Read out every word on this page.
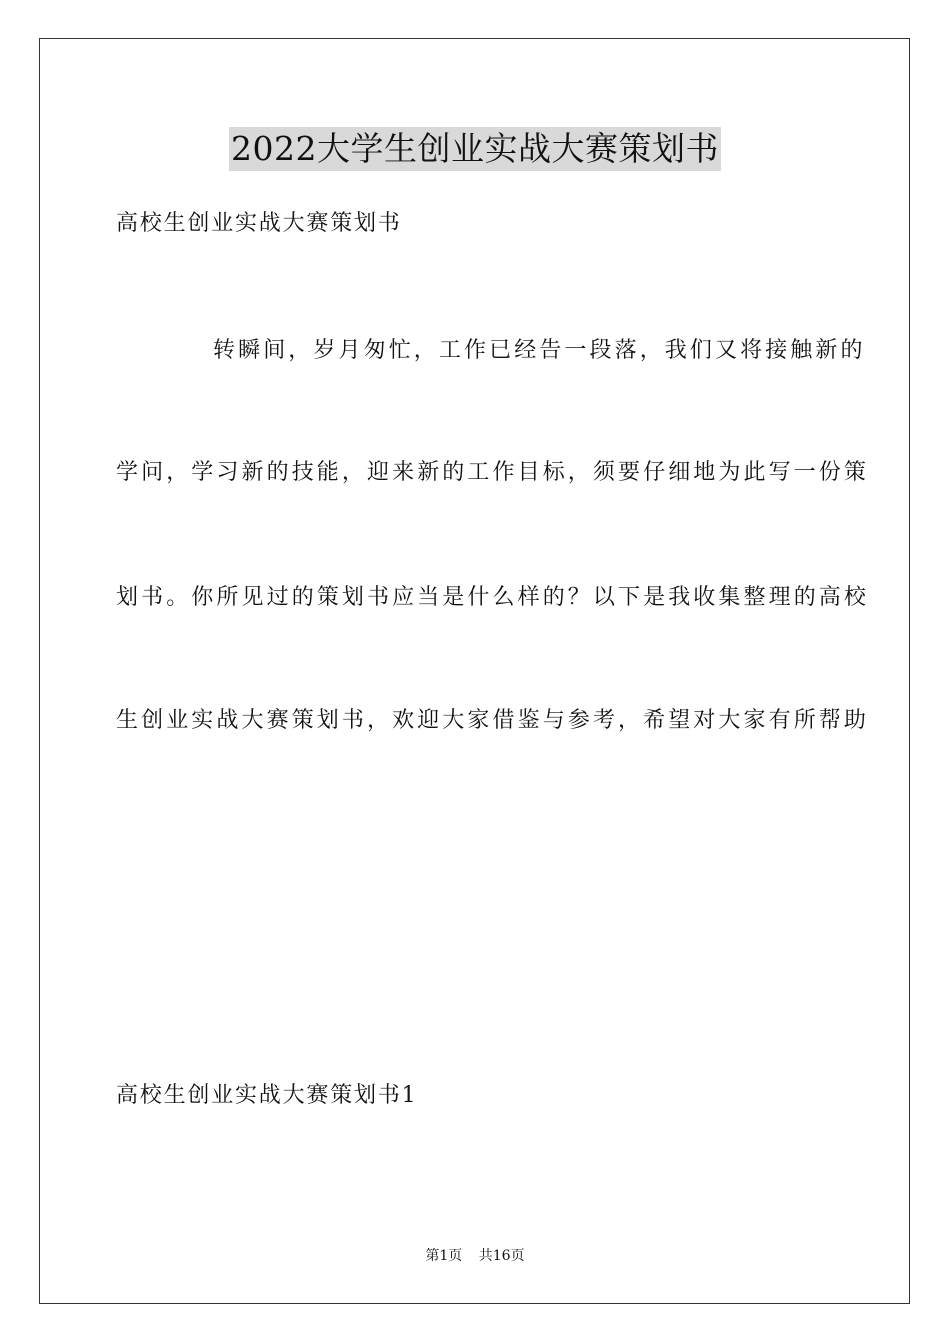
2022大学生创业实战大赛策划书
高校生创业实战大赛策划书
转瞬间，岁月匆忙，工作已经告一段落，我们又将接触新的
学问，学习新的技能，迎来新的工作目标，须要仔细地为此写一份策
划书。你所见过的策划书应当是什么样的？以下是我收集整理的高校
生创业实战大赛策划书，欢迎大家借鉴与参考，希望对大家有所帮助
高校生创业实战大赛策划书1
第1页 共16页
